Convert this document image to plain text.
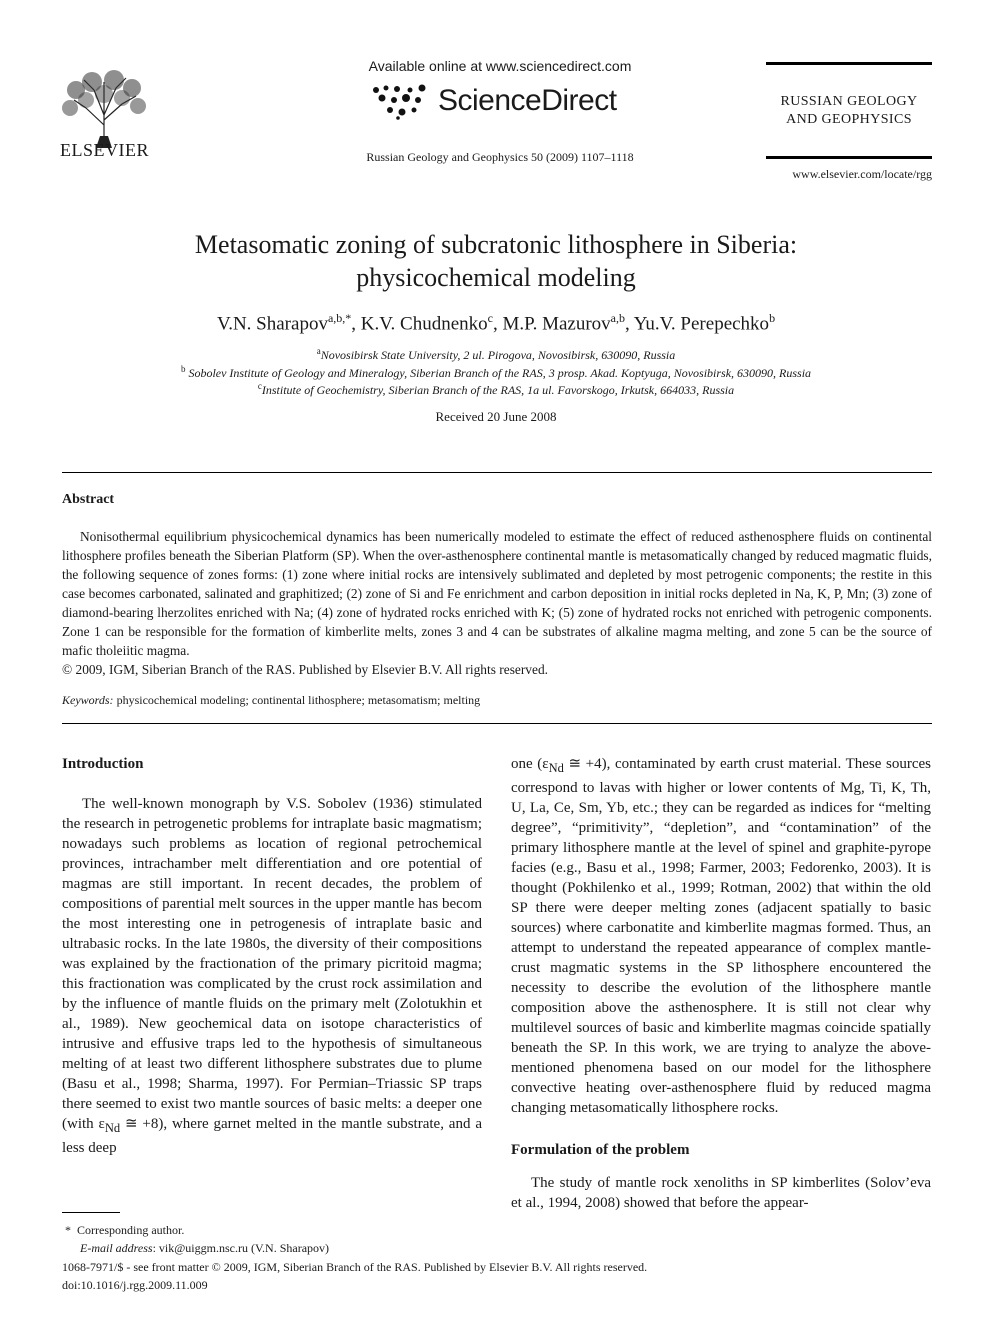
ELSEVIER
Available online at www.sciencedirect.com
ScienceDirect
Russian Geology and Geophysics 50 (2009) 1107–1118
RUSSIAN GEOLOGY
AND GEOPHYSICS
www.elsevier.com/locate/rgg
Metasomatic zoning of subcratonic lithosphere in Siberia:
physicochemical modeling
V.N. Sharapov$^{a,b,*}$, K.V. Chudnenko$^c$, M.P. Mazurov$^{a,b}$, Yu.V. Perepechko$^b$
$^a$Novosibirsk State University, 2 ul. Pirogova, Novosibirsk, 630090, Russia
$^b$ Sobolev Institute of Geology and Mineralogy, Siberian Branch of the RAS, 3 prosp. Akad. Koptyuga, Novosibirsk, 630090, Russia
$^c$Institute of Geochemistry, Siberian Branch of the RAS, 1a ul. Favorskogo, Irkutsk, 664033, Russia
Received 20 June 2008
Abstract

Nonisothermal equilibrium physicochemical dynamics has been numerically modeled to estimate the effect of reduced asthenosphere fluids on continental lithosphere profiles beneath the Siberian Platform (SP). When the over-asthenosphere continental mantle is metasomatically changed by reduced magmatic fluids, the following sequence of zones forms: (1) zone where initial rocks are intensively sublimated and depleted by most petrogenic components; the restite in this case becomes carbonated, salinated and graphitized; (2) zone of Si and Fe enrichment and carbon deposition in initial rocks depleted in Na, K, P, Mn; (3) zone of diamond-bearing lherzolites enriched with Na; (4) zone of hydrated rocks enriched with K; (5) zone of hydrated rocks not enriched with petrogenic components. Zone 1 can be responsible for the formation of kimberlite melts, zones 3 and 4 can be substrates of alkaline magma melting, and zone 5 can be the source of mafic tholeiitic magma.

© 2009, IGM, Siberian Branch of the RAS. Published by Elsevier B.V. All rights reserved.
Keywords: physicochemical modeling; continental lithosphere; metasomatism; melting
Introduction

The well-known monograph by V.S. Sobolev (1936) stimulated the research in petrogenetic problems for intraplate basic magmatism; nowadays such problems as location of regional petrochemical provinces, intrachamber melt differentiation and ore potential of magmas are still important. In recent decades, the problem of compositions of parential melt sources in the upper mantle has becom the most interesting one in petrogenesis of intraplate basic and ultrabasic rocks. In the late 1980s, the diversity of their compositions was explained by the fractionation of the primary picritoid magma; this fractionation was complicated by the crust rock assimilation and by the influence of mantle fluids on the primary melt (Zolotukhin et al., 1989). New geochemical data on isotope characteristics of intrusive and effusive traps led to the hypothesis of simultaneous melting of at least two different lithosphere substrates due to plume (Basu et al., 1998; Sharma, 1997). For Permian–Triassic SP traps there seemed to exist two mantle sources of basic melts: a deeper one (with $\varepsilon_{Nd}$ ≅ +8), where garnet melted in the mantle substrate, and a less deep

one ($\varepsilon_{Nd}$ ≅ +4), contaminated by earth crust material. These sources correspond to lavas with higher or lower contents of Mg, Ti, K, Th, U, La, Ce, Sm, Yb, etc.; they can be regarded as indices for “melting degree”, “primitivity”, “depletion”, and “contamination” of the primary lithosphere mantle at the level of spinel and graphite-pyrope facies (e.g., Basu et al., 1998; Farmer, 2003; Fedorenko, 2003). It is thought (Pokhilenko et al., 1999; Rotman, 2002) that within the old SP there were deeper melting zones (adjacent spatially to basic sources) where carbonatite and kimberlite magmas formed. Thus, an attempt to understand the repeated appearance of complex mantle-crust magmatic systems in the SP lithosphere encountered the necessity to describe the evolution of the lithosphere mantle composition above the asthenosphere. It is still not clear why multilevel sources of basic and kimberlite magmas coincide spatially beneath the SP. In this work, we are trying to analyze the above-mentioned phenomena based on our model for the lithosphere convective heating over-asthenosphere fluid by reduced magma changing metasomatically lithosphere rocks.

Formulation of the problem

The study of mantle rock xenoliths in SP kimberlites (Solov’eva et al., 1994, 2008) showed that before the appear-

* Corresponding author.
E-mail address: vik@uiggm.nsc.ru (V.N. Sharapov)
1068-7971/$ - see front matter © 2009, IGM, Siberian Branch of the RAS. Published by Elsevier B.V. All rights reserved.
doi:10.1016/j.rgg.2009.11.009
